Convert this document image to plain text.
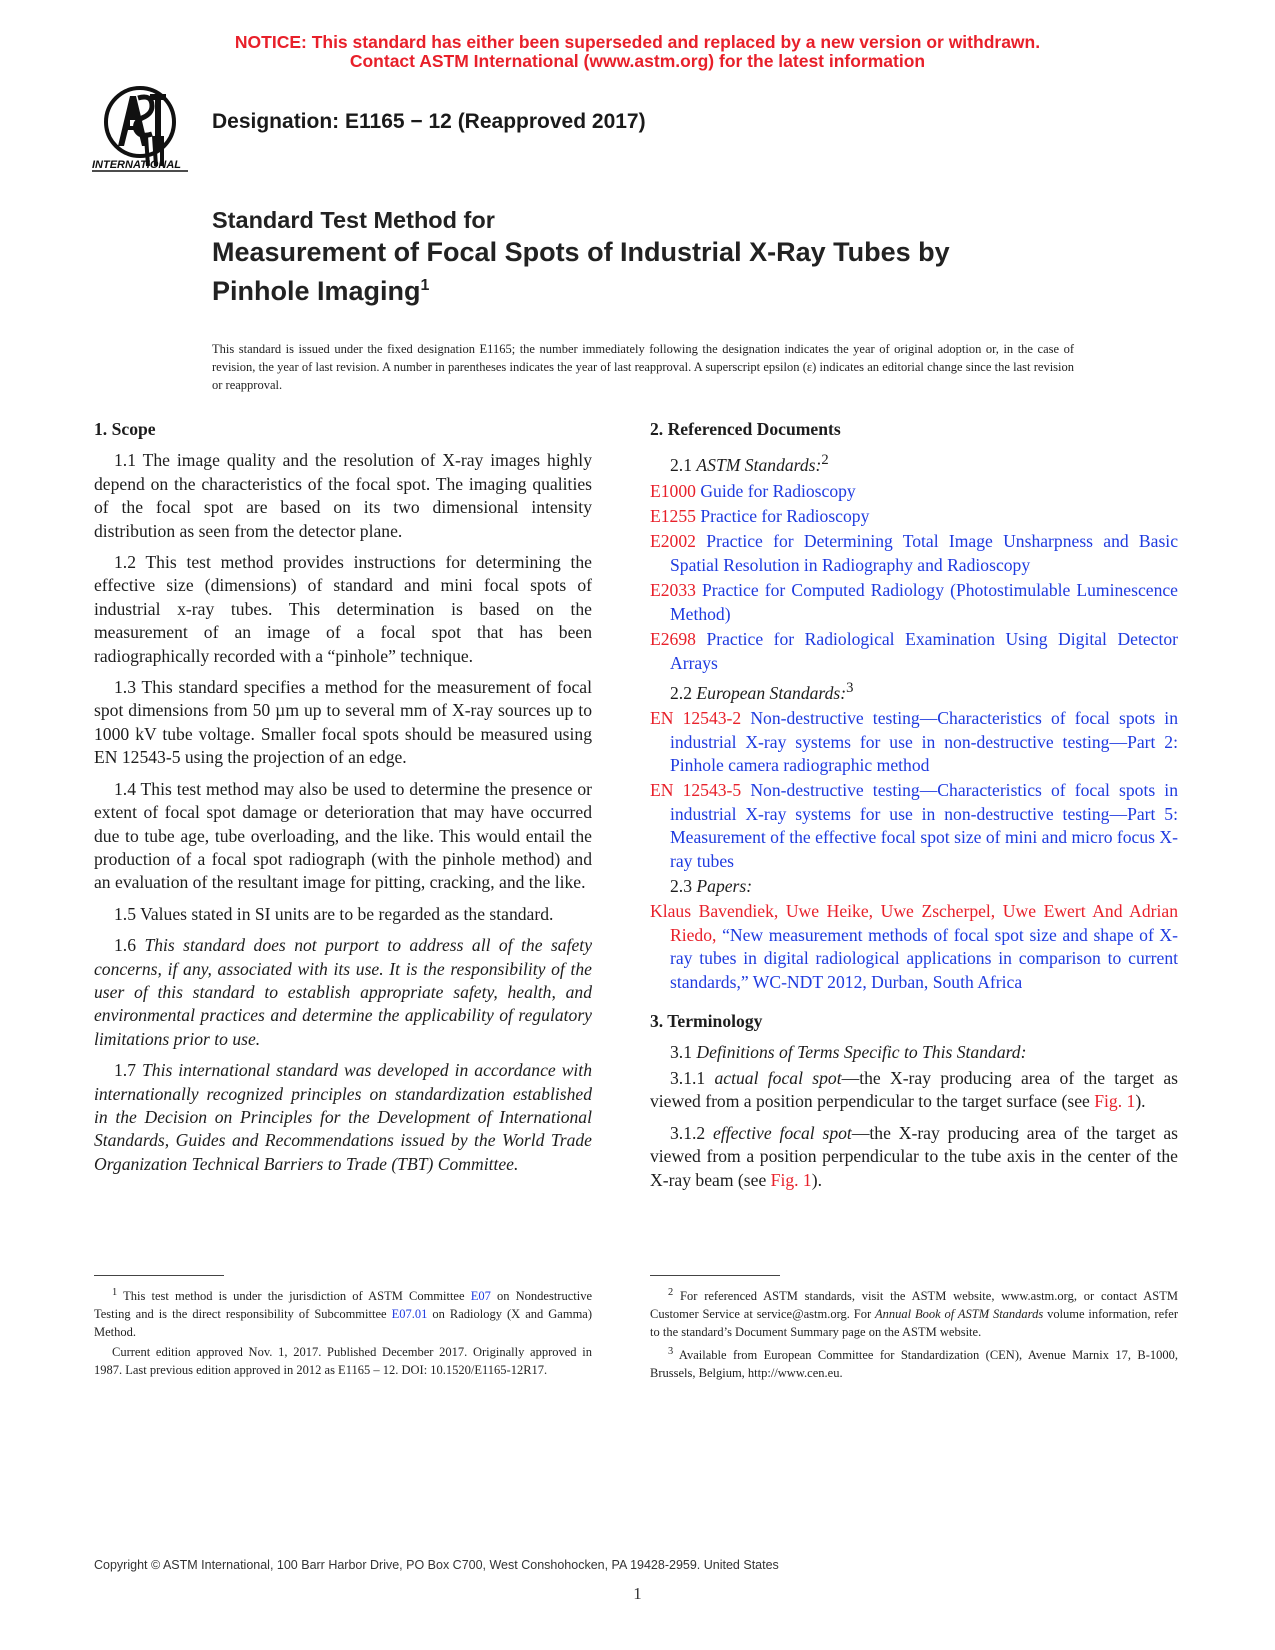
NOTICE: This standard has either been superseded and replaced by a new version or withdrawn.
Contact ASTM International (www.astm.org) for the latest information
INTERNATIONAL
Designation: E1165 − 12 (Reapproved 2017)
Standard Test Method for
Measurement of Focal Spots of Industrial X-Ray Tubes by
Pinhole Imaging$^1$
This standard is issued under the fixed designation E1165; the number immediately following the designation indicates the year of original adoption or, in the case of revision, the year of last revision. A number in parentheses indicates the year of last reapproval. A superscript epsilon (ε) indicates an editorial change since the last revision or reapproval.
1. Scope

1.1 The image quality and the resolution of X-ray images highly depend on the characteristics of the focal spot. The imaging qualities of the focal spot are based on its two dimensional intensity distribution as seen from the detector plane.

1.2 This test method provides instructions for determining the effective size (dimensions) of standard and mini focal spots of industrial x-ray tubes. This determination is based on the measurement of an image of a focal spot that has been radiographically recorded with a “pinhole” technique.

1.3 This standard specifies a method for the measurement of focal spot dimensions from 50 µm up to several mm of X-ray sources up to 1000 kV tube voltage. Smaller focal spots should be measured using EN 12543-5 using the projection of an edge.

1.4 This test method may also be used to determine the presence or extent of focal spot damage or deterioration that may have occurred due to tube age, tube overloading, and the like. This would entail the production of a focal spot radiograph (with the pinhole method) and an evaluation of the resultant image for pitting, cracking, and the like.

1.5 Values stated in SI units are to be regarded as the standard.

1.6 This standard does not purport to address all of the safety concerns, if any, associated with its use. It is the responsibility of the user of this standard to establish appropriate safety, health, and environmental practices and determine the applicability of regulatory limitations prior to use.

1.7 This international standard was developed in accordance with internationally recognized principles on standardization established in the Decision on Principles for the Development of International Standards, Guides and Recommendations issued by the World Trade Organization Technical Barriers to Trade (TBT) Committee.

2. Referenced Documents
2.1 ASTM Standards:$^2$
E1000 Guide for Radioscopy
E1255 Practice for Radioscopy
E2002 Practice for Determining Total Image Unsharpness and Basic Spatial Resolution in Radiography and Radioscopy
E2033 Practice for Computed Radiology (Photostimulable Luminescence Method)
E2698 Practice for Radiological Examination Using Digital Detector Arrays
2.2 European Standards:$^3$
EN 12543-2 Non-destructive testing—Characteristics of focal spots in industrial X-ray systems for use in non-destructive testing—Part 2: Pinhole camera radiographic method
EN 12543-5 Non-destructive testing—Characteristics of focal spots in industrial X-ray systems for use in non-destructive testing—Part 5: Measurement of the effective focal spot size of mini and micro focus X-ray tubes
2.3 Papers:
Klaus Bavendiek, Uwe Heike, Uwe Zscherpel, Uwe Ewert And Adrian Riedo, “New measurement methods of focal spot size and shape of X-ray tubes in digital radiological applications in comparison to current standards,” WC-NDT 2012, Durban, South Africa
3. Terminology

3.1 Definitions of Terms Specific to This Standard:

3.1.1 actual focal spot—the X-ray producing area of the target as viewed from a position perpendicular to the target surface (see Fig. 1).

3.1.2 effective focal spot—the X-ray producing area of the target as viewed from a position perpendicular to the tube axis in the center of the X-ray beam (see Fig. 1).

$^1$ This test method is under the jurisdiction of ASTM Committee E07 on Nondestructive Testing and is the direct responsibility of Subcommittee E07.01 on Radiology (X and Gamma) Method.

Current edition approved Nov. 1, 2017. Published December 2017. Originally approved in 1987. Last previous edition approved in 2012 as E1165 – 12. DOI: 10.1520/E1165-12R17.

$^2$ For referenced ASTM standards, visit the ASTM website, www.astm.org, or contact ASTM Customer Service at service@astm.org. For Annual Book of ASTM Standards volume information, refer to the standard’s Document Summary page on the ASTM website.

$^3$ Available from European Committee for Standardization (CEN), Avenue Marnix 17, B-1000, Brussels, Belgium, http://www.cen.eu.

Copyright © ASTM International, 100 Barr Harbor Drive, PO Box C700, West Conshohocken, PA 19428-2959. United States
1
